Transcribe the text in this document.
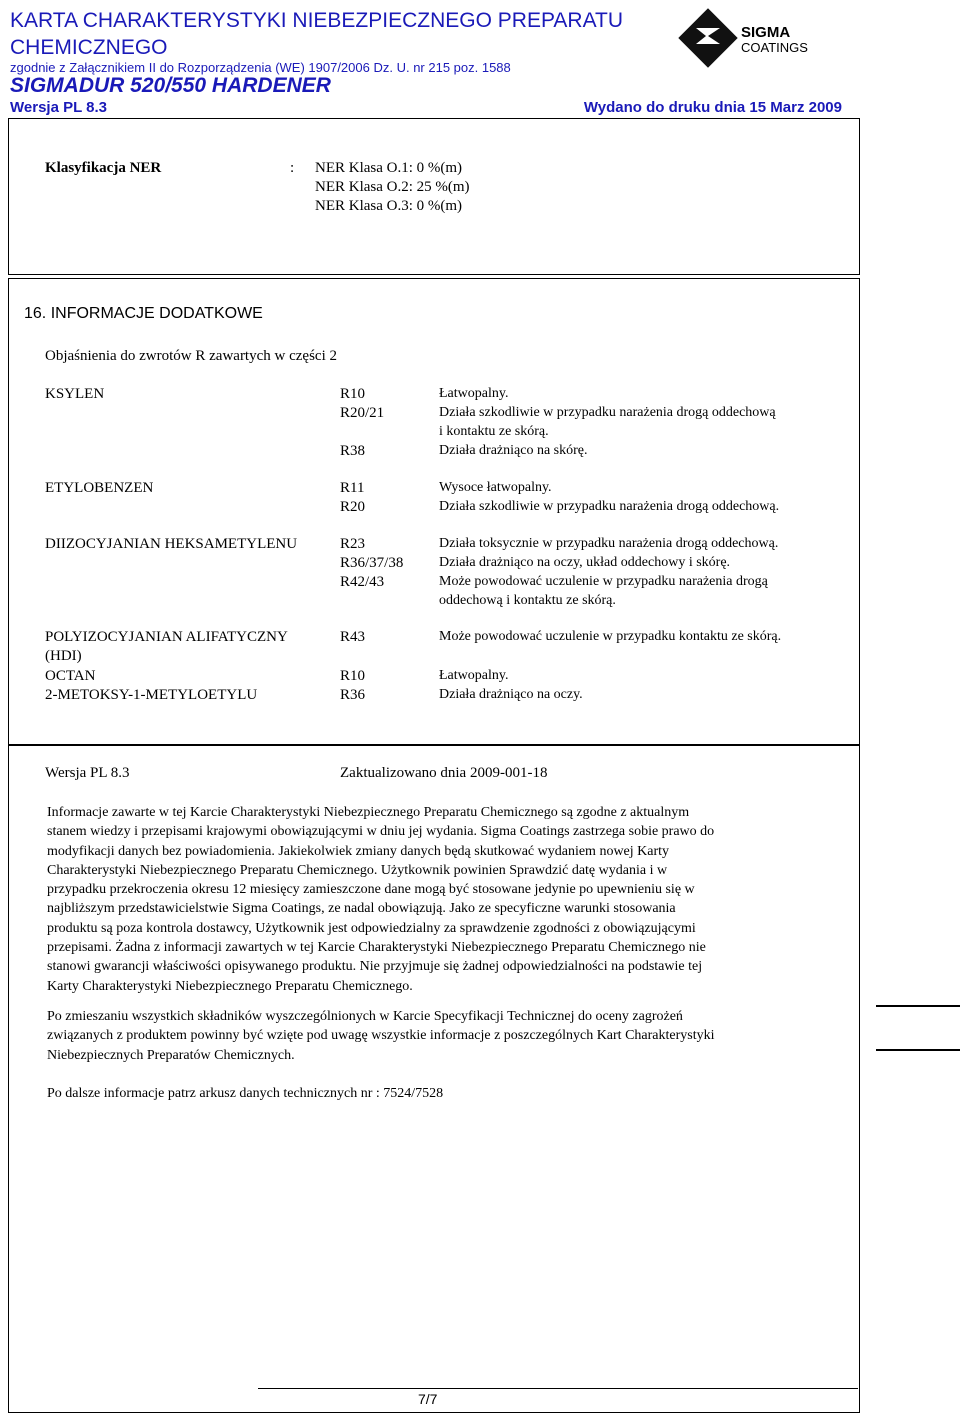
KARTA CHARAKTERYSTYKI NIEBEZPIECZNEGO PREPARATU
CHEMICZNEGO
zgodnie z Załącznikiem II do Rozporządzenia (WE) 1907/2006 Dz. U. nr 215 poz. 1588
SIGMADUR 520/550 HARDENER
Wersja PL 8.3	Wydano do druku dnia 15 Marz 2009
SIGMA
COATINGS
Klasyfikacja NER	: NER Klasa O.1: 0 %(m)
NER Klasa O.2: 25 %(m)
NER Klasa O.3: 0 %(m)
16. INFORMACJE DODATKOWE
Objaśnienia do zwrotów R zawartych w części 2
KSYLEN	R10	Łatwopalny.
R20/21	Działa szkodliwie w przypadku narażenia drogą oddechową
i kontaktu ze skórą.
R38	Działa drażniąco na skórę.
ETYLOBENZEN	R11	Wysoce łatwopalny.
R20	Działa szkodliwie w przypadku narażenia drogą oddechową.
DIIZOCYJANIAN HEKSAMETYLENU	R23	Działa toksycznie w przypadku narażenia drogą oddechową.
R36/37/38	Działa drażniąco na oczy, układ oddechowy i skórę.
R42/43	Może powodować uczulenie w przypadku narażenia drogą
oddechową i kontaktu ze skórą.
POLYIZOCYJANIAN ALIFATYCZNY	R43	Może powodować uczulenie w przypadku kontaktu ze skórą.
(HDI)
OCTAN	R10	Łatwopalny.
2-METOKSY-1-METYLOETYLU	R36	Działa drażniąco na oczy.
Wersja PL 8.3	Zaktualizowano dnia 2009-001-18
Informacje zawarte w tej Karcie Charakterystyki Niebezpiecznego Preparatu Chemicznego są zgodne z aktualnym
stanem wiedzy i przepisami krajowymi obowiązującymi w dniu jej wydania. Sigma Coatings zastrzega sobie prawo do
modyfikacji danych bez powiadomienia. Jakiekolwiek zmiany danych będą skutkować wydaniem nowej Karty
Charakterystyki Niebezpiecznego Preparatu Chemicznego. Użytkownik powinien Sprawdzić datę wydania i w
przypadku przekroczenia okresu 12 miesięcy zamieszczone dane mogą być stosowane jedynie po upewnieniu się w
najbliższym przedstawicielstwie Sigma Coatings, ze nadal obowiązują. Jako ze specyficzne warunki stosowania
produktu są poza kontrola dostawcy, Użytkownik jest odpowiedzialny za sprawdzenie zgodności z obowiązującymi
przepisami. Żadna z informacji zawartych w tej Karcie Charakterystyki Niebezpiecznego Preparatu Chemicznego nie
stanowi gwarancji właściwości opisywanego produktu. Nie przyjmuje się żadnej odpowiedzialności na podstawie tej
Karty Charakterystyki Niebezpiecznego Preparatu Chemicznego.
Po zmieszaniu wszystkich składników wyszczególnionych w Karcie Specyfikacji Technicznej do oceny zagrożeń
związanych z produktem powinny być wzięte pod uwagę wszystkie informacje z poszczególnych Kart Charakterystyki
Niebezpiecznych Preparatów Chemicznych.
Po dalsze informacje patrz arkusz danych technicznych nr : 7524/7528
7/7
